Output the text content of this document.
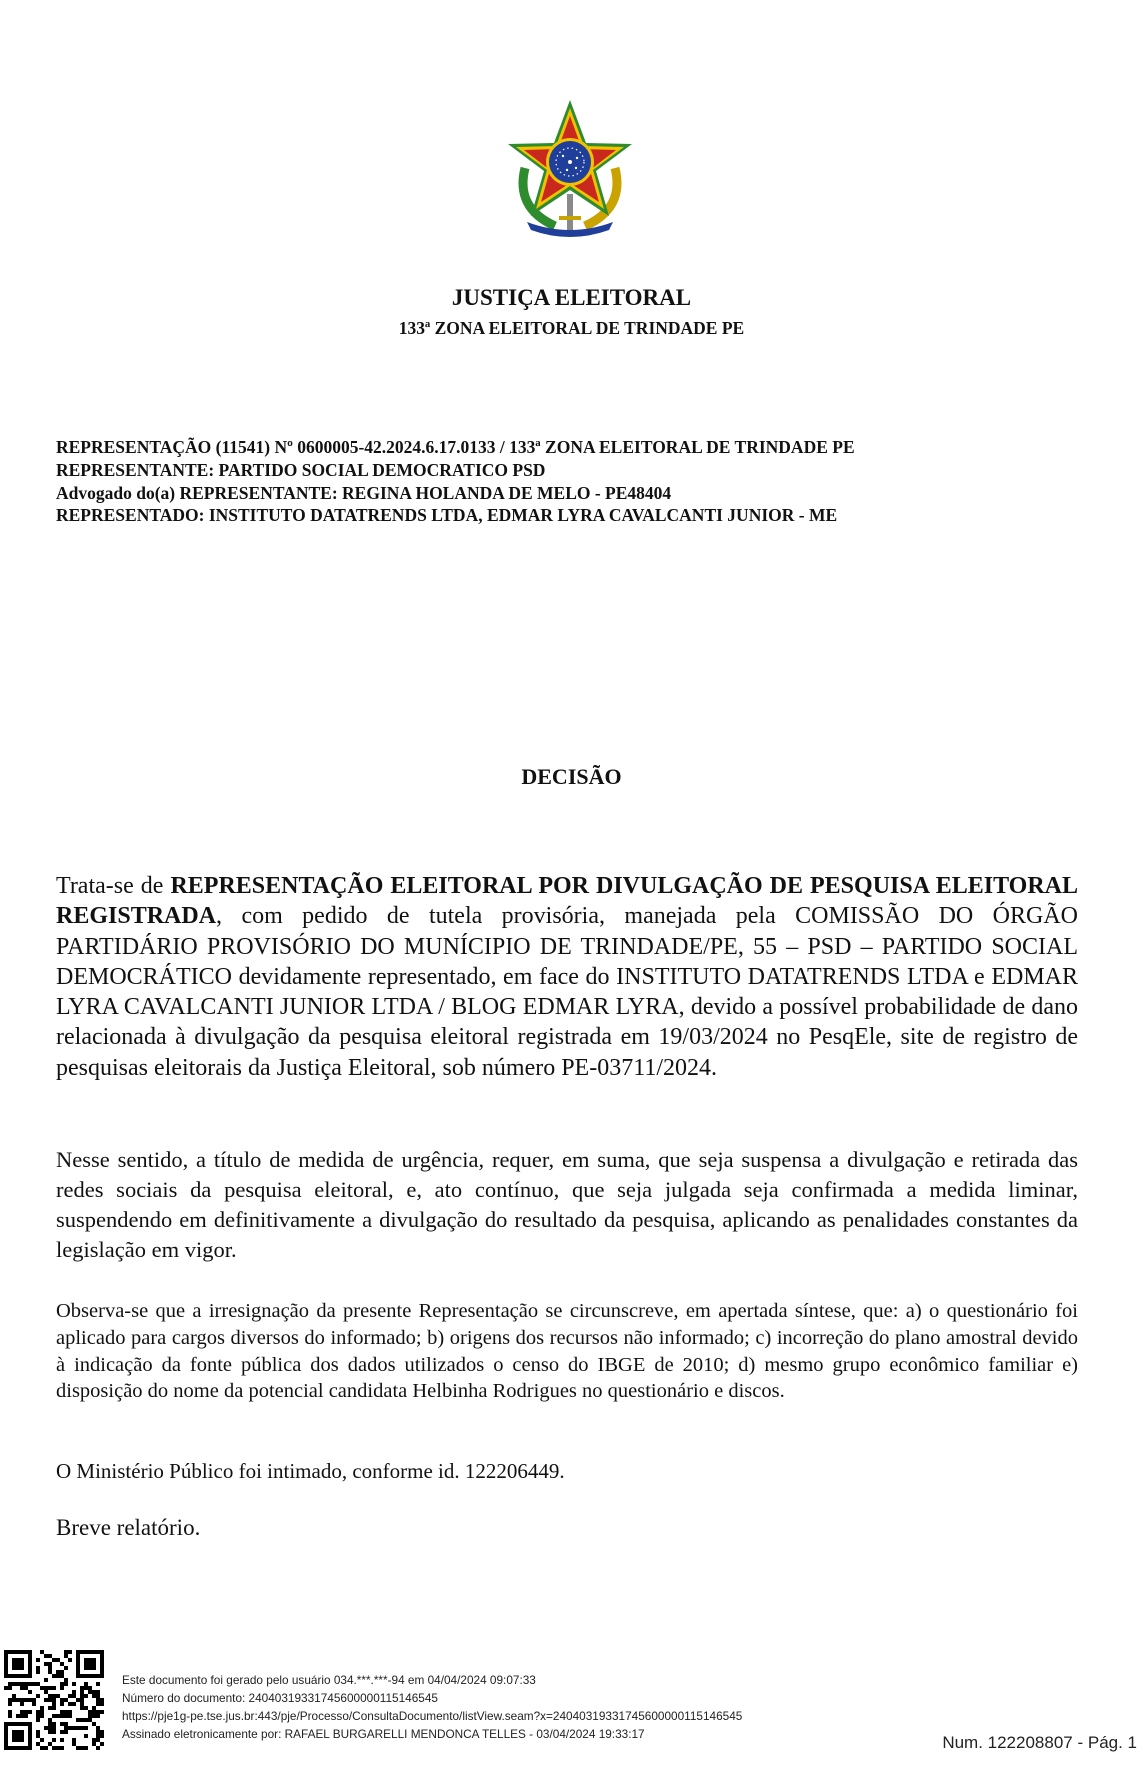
JUSTIÇA ELEITORAL
133ª ZONA ELEITORAL DE TRINDADE PE
REPRESENTAÇÃO (11541) Nº 0600005-42.2024.6.17.0133 / 133ª ZONA ELEITORAL DE TRINDADE PE
REPRESENTANTE: PARTIDO SOCIAL DEMOCRATICO PSD
Advogado do(a) REPRESENTANTE: REGINA HOLANDA DE MELO - PE48404
REPRESENTADO: INSTITUTO DATATRENDS LTDA, EDMAR LYRA CAVALCANTI JUNIOR - ME
DECISÃO
Trata-se de REPRESENTAÇÃO ELEITORAL POR DIVULGAÇÃO DE PESQUISA ELEITORAL REGISTRADA, com pedido de tutela provisória, manejada pela COMISSÃO DO ÓRGÃO PARTIDÁRIO PROVISÓRIO DO MUNÍCIPIO DE TRINDADE/PE, 55 – PSD – PARTIDO SOCIAL DEMOCRÁTICO devidamente representado, em face do INSTITUTO DATATRENDS LTDA e EDMAR LYRA CAVALCANTI JUNIOR LTDA / BLOG EDMAR LYRA, devido a possível probabilidade de dano relacionada à divulgação da pesquisa eleitoral registrada em 19/03/2024 no PesqEle, site de registro de pesquisas eleitorais da Justiça Eleitoral, sob número PE-03711/2024.
Nesse sentido, a título de medida de urgência, requer, em suma, que seja suspensa a divulgação e retirada das redes sociais da pesquisa eleitoral, e, ato contínuo, que seja julgada seja confirmada a medida liminar, suspendendo em definitivamente a divulgação do resultado da pesquisa, aplicando as penalidades constantes da legislação em vigor.
Observa-se que a irresignação da presente Representação se circunscreve, em apertada síntese, que: a) o questionário foi aplicado para cargos diversos do informado; b) origens dos recursos não informado; c) incorreção do plano amostral devido à indicação da fonte pública dos dados utilizados o censo do IBGE de 2010; d) mesmo grupo econômico familiar e) disposição do nome da potencial candidata Helbinha Rodrigues no questionário e discos.
O Ministério Público foi intimado, conforme id. 122206449.
Breve relatório.
Este documento foi gerado pelo usuário 034.***.***-94 em 04/04/2024 09:07:33
Número do documento: 24040319331745600000115146545
https://pje1g-pe.tse.jus.br:443/pje/Processo/ConsultaDocumento/listView.seam?x=24040319331745600000115146545
Assinado eletronicamente por: RAFAEL BURGARELLI MENDONCA TELLES - 03/04/2024 19:33:17	Num. 122208807 - Pág. 1
